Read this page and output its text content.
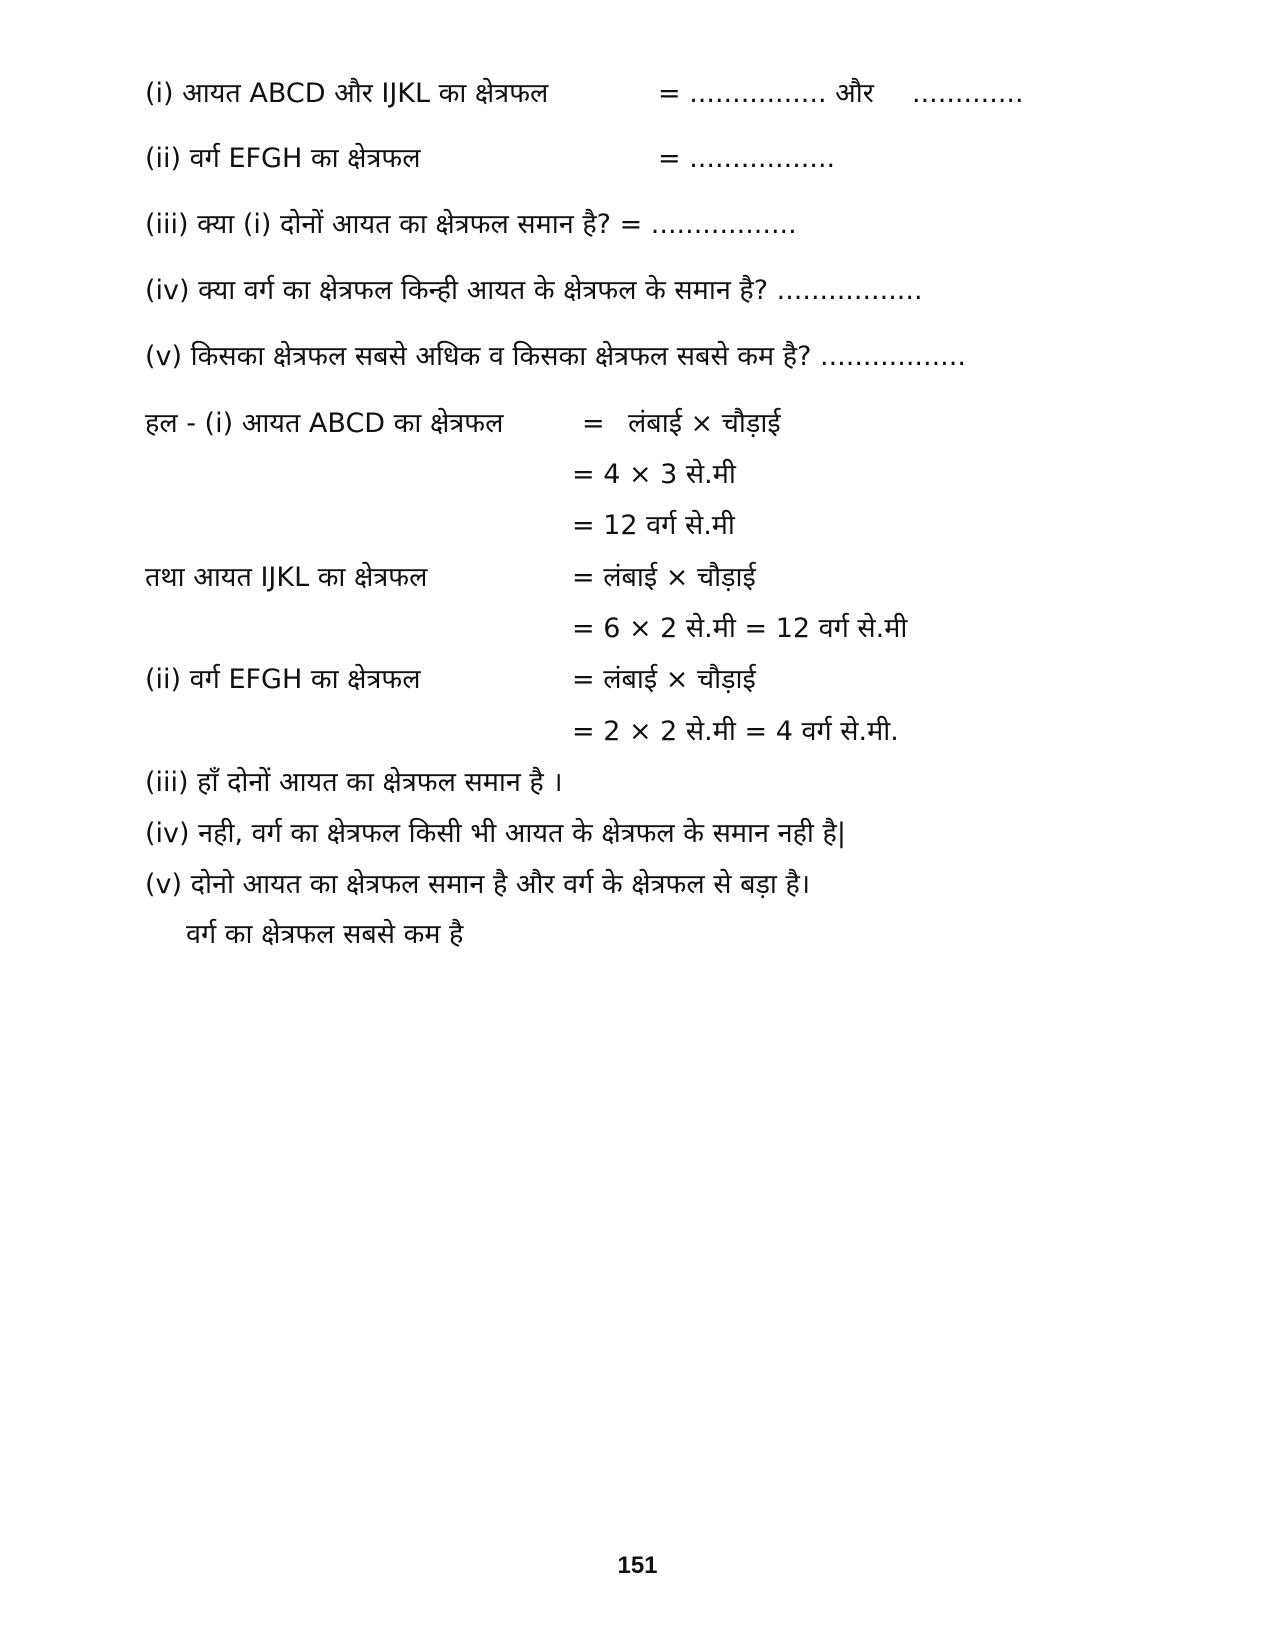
(i) आयत ABCD और IJKL का क्षेत्रफल	= ................ और .............
(ii) वर्ग EFGH का क्षेत्रफल	= .................
(iii) क्या (i) दोनों आयत का क्षेत्रफल समान है? = .................
(iv) क्या वर्ग का क्षेत्रफल किन्ही आयत के क्षेत्रफल के समान है? .................
(v) किसका क्षेत्रफल सबसे अधिक व किसका क्षेत्रफल सबसे कम है? .................
हल - (i) आयत ABCD का क्षेत्रफल	= लंबाई × चौड़ाई
= 4 × 3 से.मी
= 12 वर्ग से.मी
तथा आयत IJKL का क्षेत्रफल	= लंबाई × चौड़ाई
= 6 × 2 से.मी = 12 वर्ग से.मी
(ii) वर्ग EFGH का क्षेत्रफल	= लंबाई × चौड़ाई
= 2 × 2 से.मी = 4 वर्ग से.मी.
(iii) हाँ दोनों आयत का क्षेत्रफल समान है ।
(iv) नही, वर्ग का क्षेत्रफल किसी भी आयत के क्षेत्रफल के समान नही है|
(v) दोनो आयत का क्षेत्रफल समान है और वर्ग के क्षेत्रफल से बड़ा है।
वर्ग का क्षेत्रफल सबसे कम है
151
